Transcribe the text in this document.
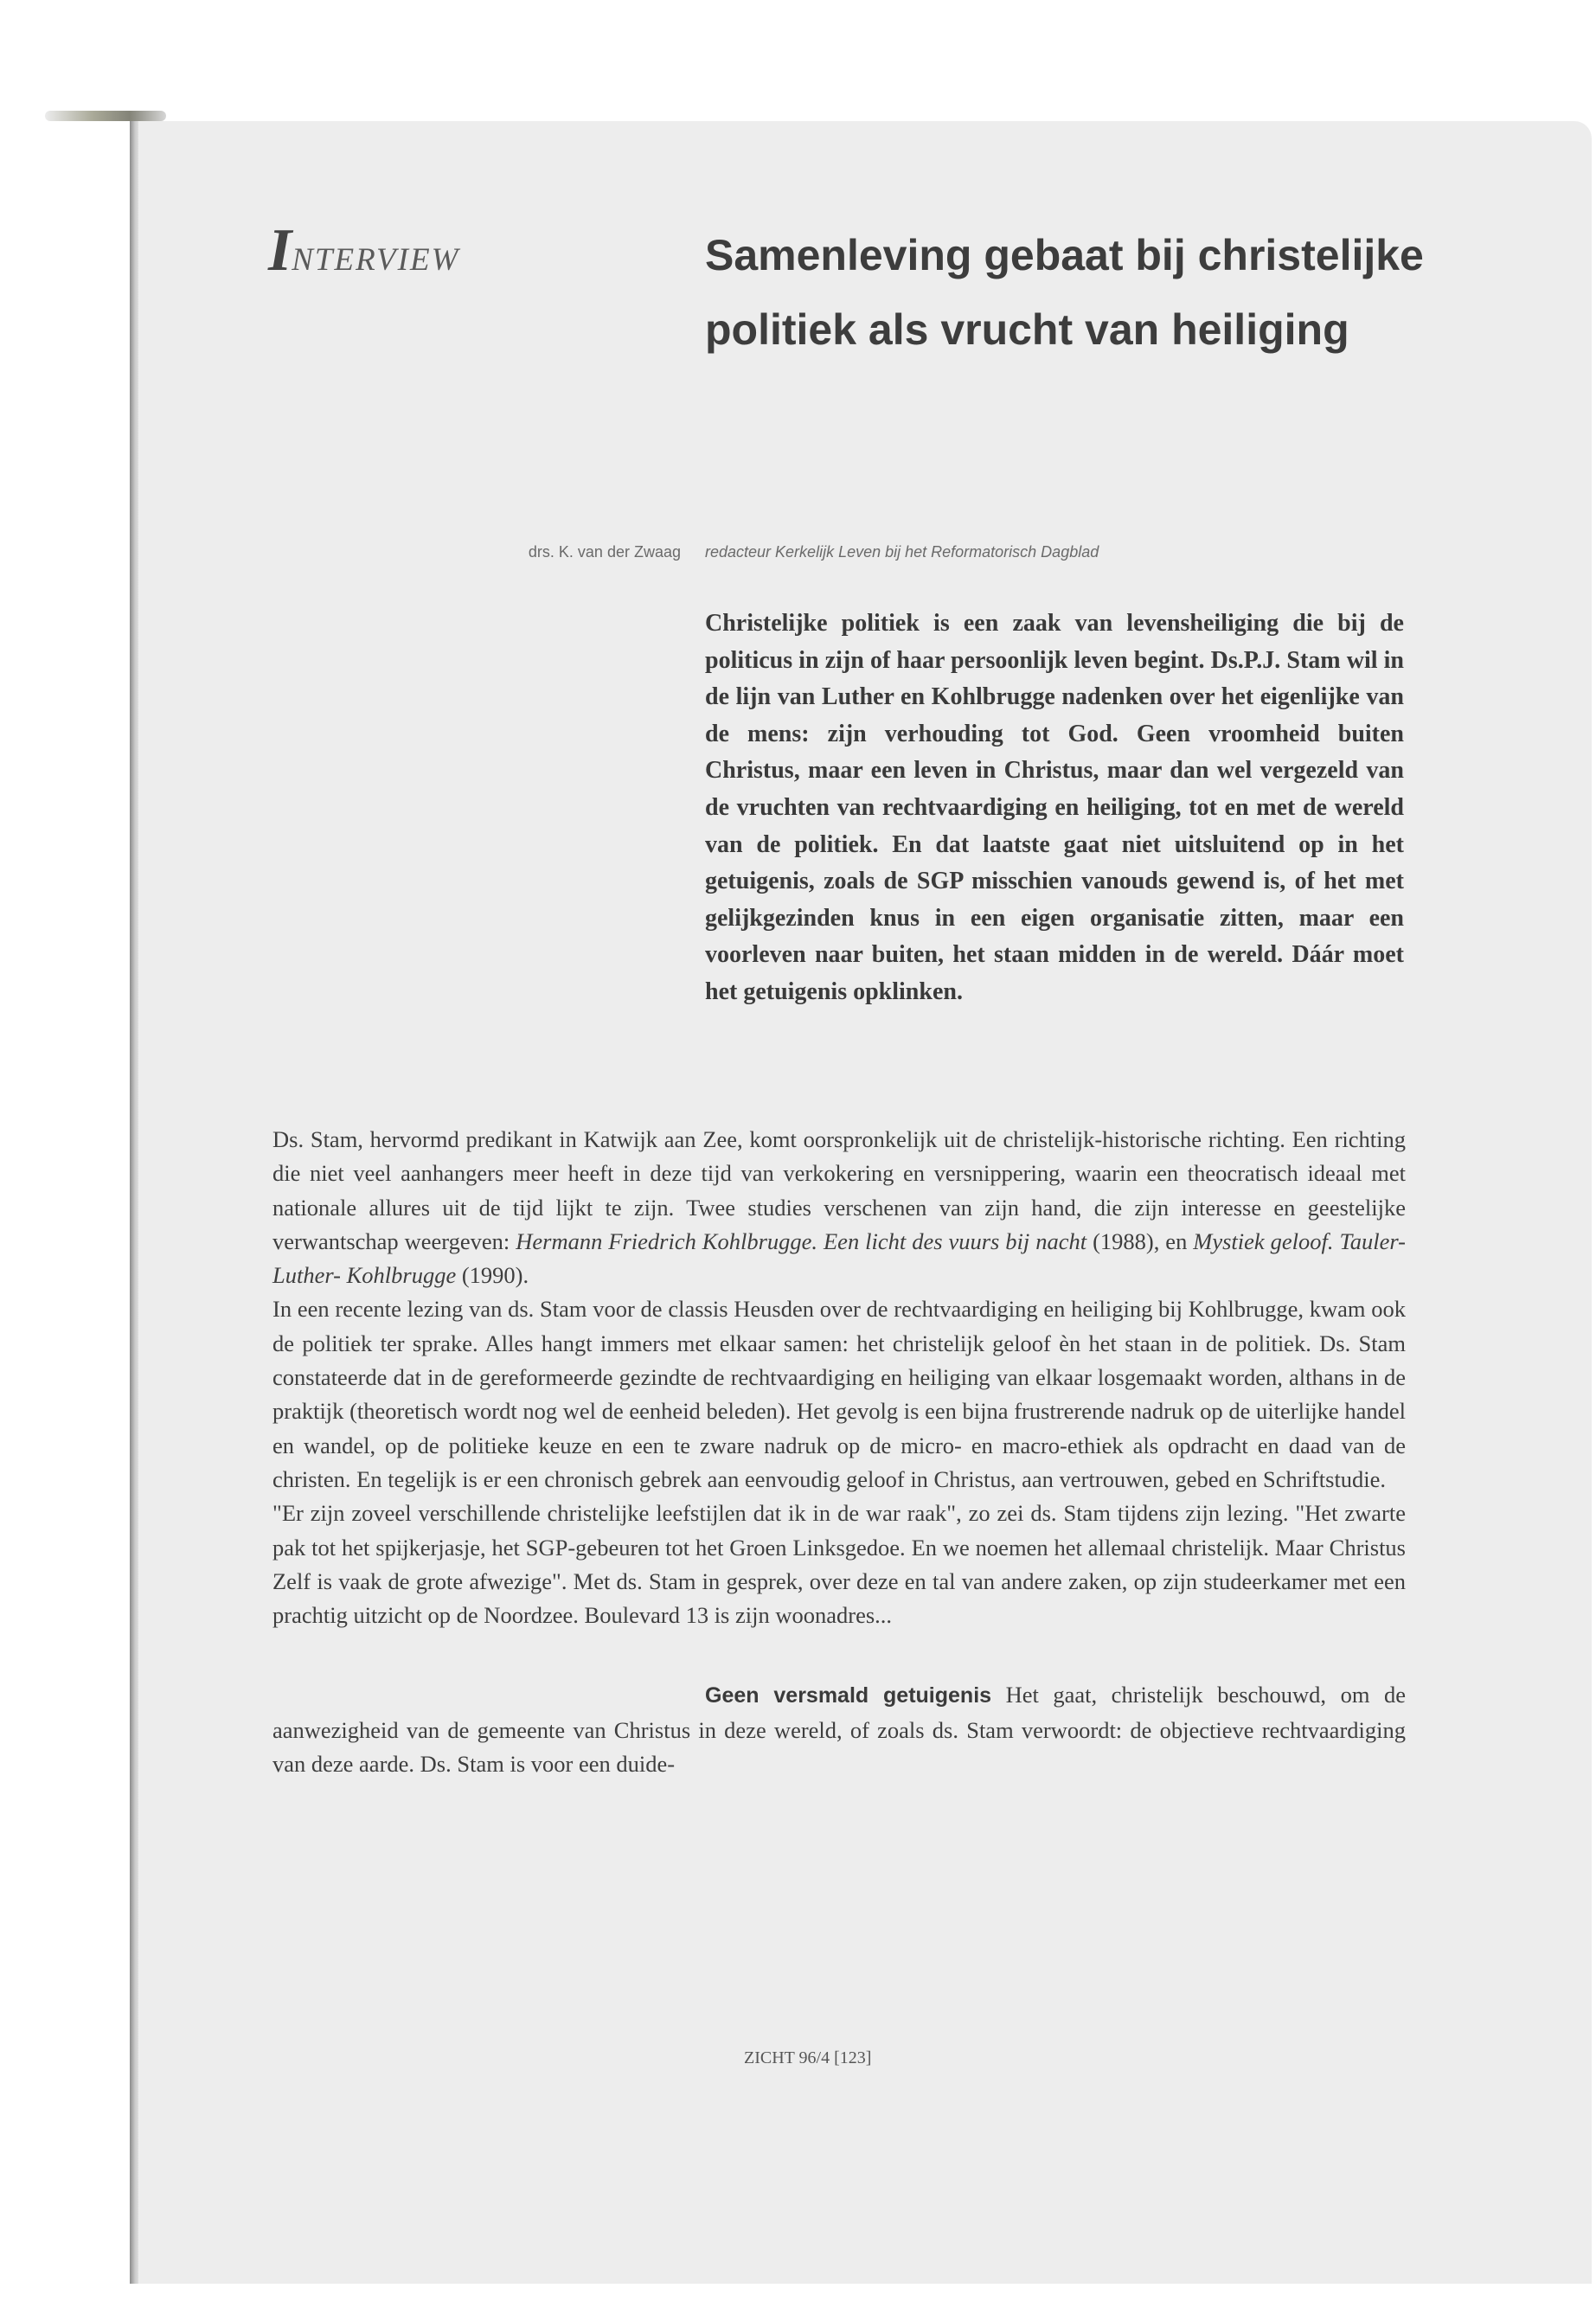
INTERVIEW	Samenleving gebaat bij christelijke politiek als vrucht van heiliging
drs. K. van der Zwaag redacteur Kerkelijk Leven bij het Reformatorisch Dagblad

Christelijke politiek is een zaak van levensheiliging die bij de politicus in zijn of haar persoonlijk leven begint. Ds.P.J. Stam wil in de lijn van Luther en Kohlbrugge nadenken over het eigenlijke van de mens: zijn verhouding tot God. Geen vroomheid buiten Christus, maar een leven in Christus, maar dan wel vergezeld van de vruchten van rechtvaardiging en heiliging, tot en met de wereld van de politiek. En dat laatste gaat niet uitsluitend op in het getuigenis, zoals de SGP misschien vanouds gewend is, of het met gelijkgezinden knus in een eigen organisatie zitten, maar een voorleven naar buiten, het staan midden in de wereld. Dáár moet het getuigenis opklinken.

Ds. Stam, hervormd predikant in Katwijk aan Zee, komt oorspronkelijk uit de christelijk-historische richting. Een richting die niet veel aanhangers meer heeft in deze tijd van verkokering en versnippering, waarin een theocratisch ideaal met nationale allures uit de tijd lijkt te zijn. Twee studies verschenen van zijn hand, die zijn interesse en geestelijke verwantschap weergeven: Hermann Friedrich Kohlbrugge. Een licht des vuurs bij nacht (1988), en Mystiek geloof. Tauler-Luther- Kohlbrugge (1990).

In een recente lezing van ds. Stam voor de classis Heusden over de rechtvaardiging en heiliging bij Kohlbrugge, kwam ook de politiek ter sprake. Alles hangt immers met elkaar samen: het christelijk geloof èn het staan in de politiek. Ds. Stam constateerde dat in de gereformeerde gezindte de rechtvaardiging en heiliging van elkaar losgemaakt worden, althans in de praktijk (theoretisch wordt nog wel de eenheid beleden). Het gevolg is een bijna frustrerende nadruk op de uiterlijke handel en wandel, op de politieke keuze en een te zware nadruk op de micro- en macro-ethiek als opdracht en daad van de christen. En tegelijk is er een chronisch gebrek aan eenvoudig geloof in Christus, aan vertrouwen, gebed en Schriftstudie.

"Er zijn zoveel verschillende christelijke leefstijlen dat ik in de war raak", zo zei ds. Stam tijdens zijn lezing. "Het zwarte pak tot het spijkerjasje, het SGP-gebeuren tot het Groen Linksgedoe. En we noemen het allemaal christelijk. Maar Christus Zelf is vaak de grote afwezige". Met ds. Stam in gesprek, over deze en tal van andere zaken, op zijn studeerkamer met een prachtig uitzicht op de Noordzee. Boulevard 13 is zijn woonadres...

Geen versmald getuigenis Het gaat, christelijk beschouwd, om de aanwezigheid van de gemeente van Christus in deze wereld, of zoals ds. Stam verwoordt: de objectieve rechtvaardiging van deze aarde. Ds. Stam is voor een duide-

ZICHT 96/4 [123]
